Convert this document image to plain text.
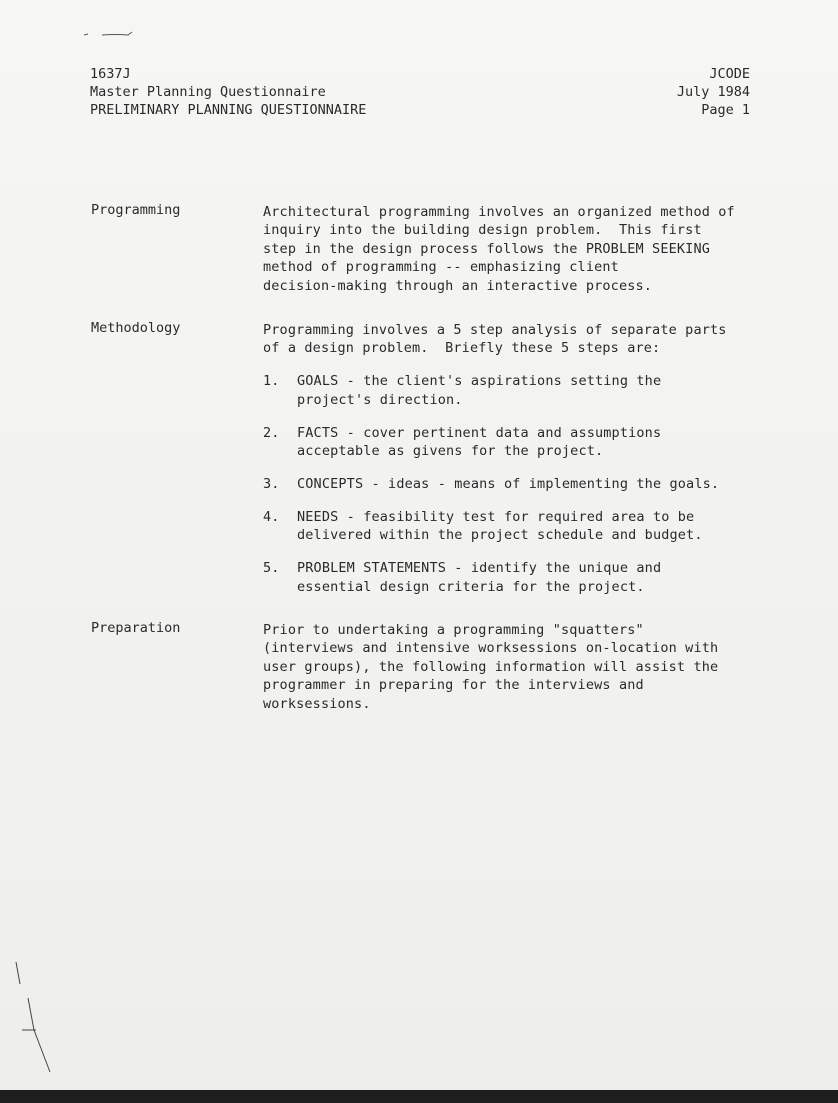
1637J
Master Planning Questionnaire
PRELIMINARY PLANNING QUESTIONNAIRE
JCODE
July 1984
Page 1
Programming	Architectural programming involves an organized method of
inquiry into the building design problem.  This first
step in the design process follows the PROBLEM SEEKING
method of programming -- emphasizing client
decision-making through an interactive process.
Methodology	Programming involves a 5 step analysis of separate parts
of a design problem.  Briefly these 5 steps are:
1. GOALS - the client's aspirations setting the
project's direction.
2. FACTS - cover pertinent data and assumptions
acceptable as givens for the project.
3. CONCEPTS - ideas - means of implementing the goals.
4. NEEDS - feasibility test for required area to be
delivered within the project schedule and budget.
5. PROBLEM STATEMENTS - identify the unique and
essential design criteria for the project.
Preparation	Prior to undertaking a programming "squatters"
(interviews and intensive worksessions on-location with
user groups), the following information will assist the
programmer in preparing for the interviews and
worksessions.
